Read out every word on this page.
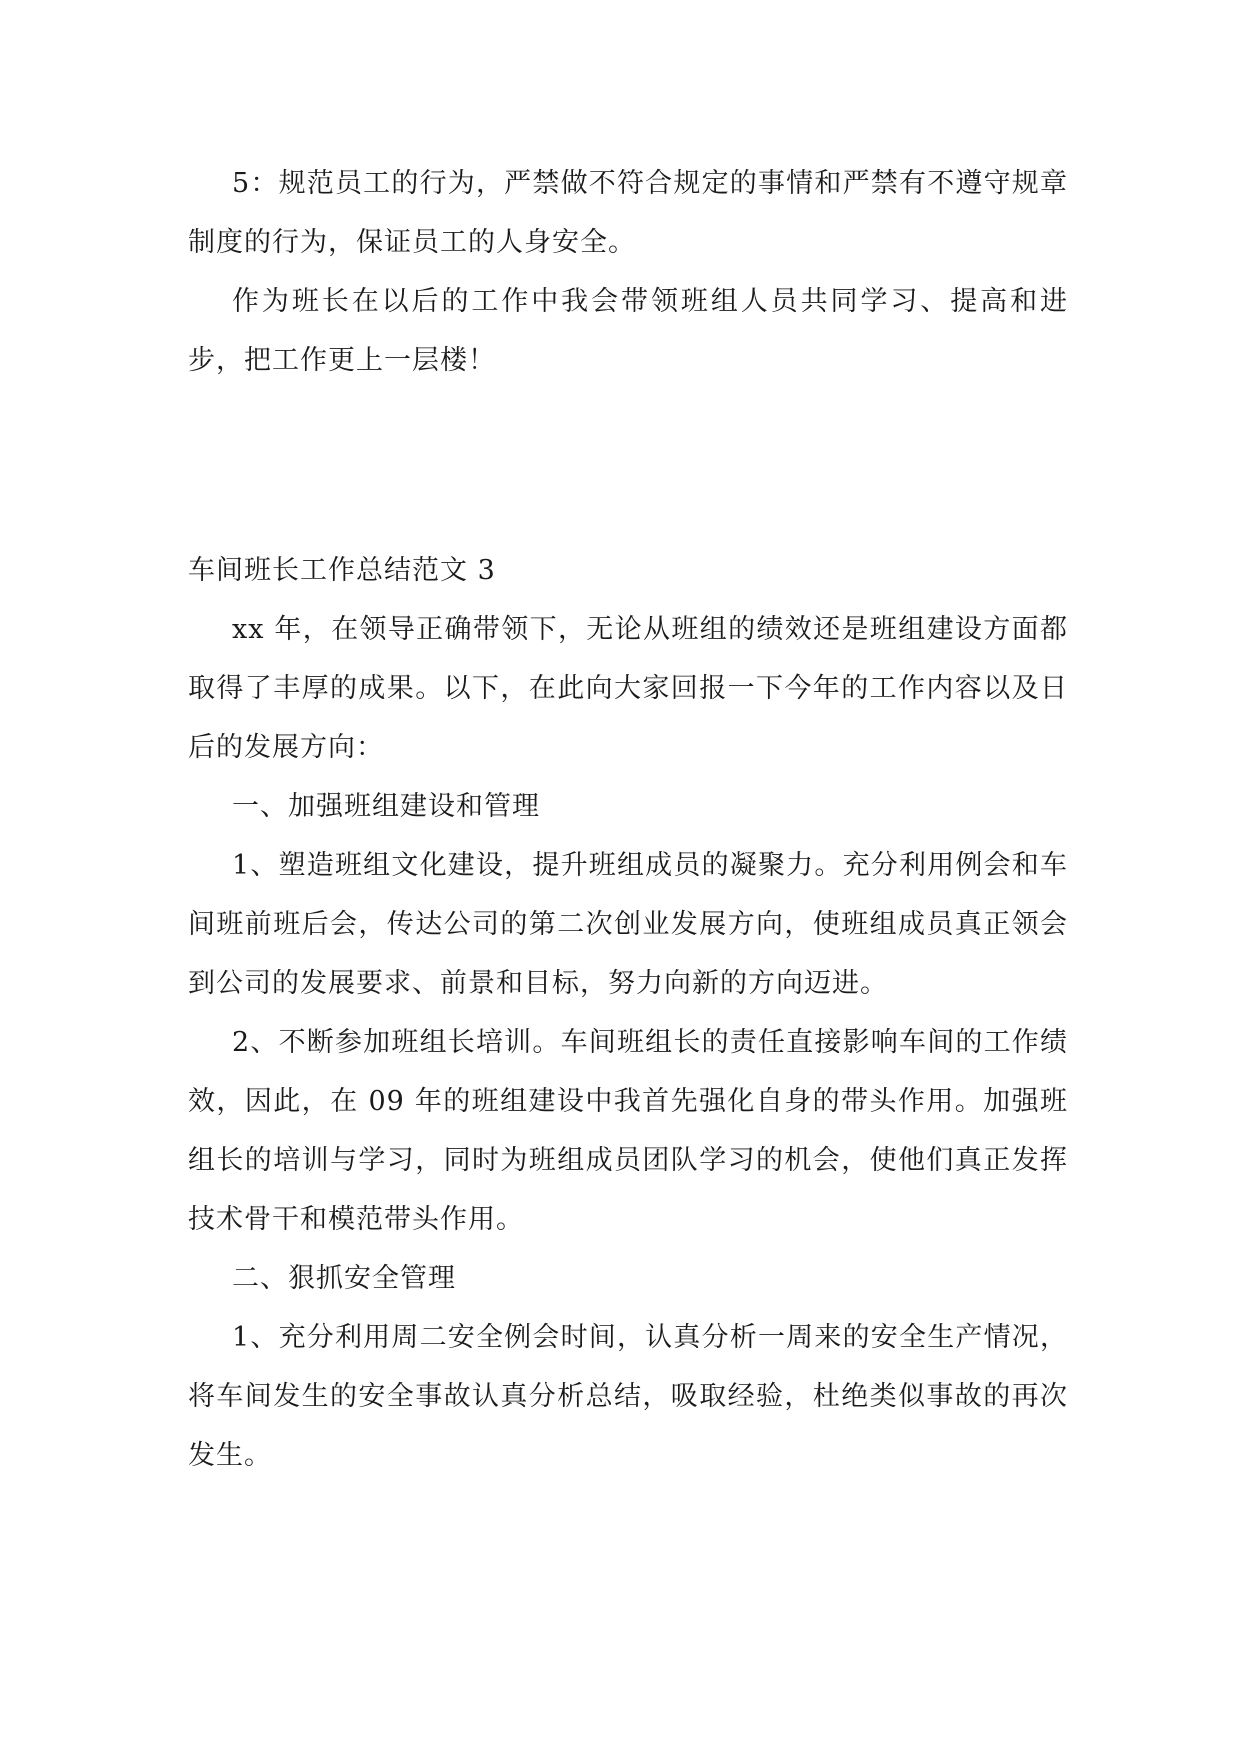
5：规范员工的行为，严禁做不符合规定的事情和严禁有不遵守规章制度的行为，保证员工的人身安全。

作为班长在以后的工作中我会带领班组人员共同学习、提高和进步，把工作更上一层楼！

车间班长工作总结范文 3

xx 年，在领导正确带领下，无论从班组的绩效还是班组建设方面都取得了丰厚的成果。以下，在此向大家回报一下今年的工作内容以及日后的发展方向：

一、加强班组建设和管理

1、塑造班组文化建设，提升班组成员的凝聚力。充分利用例会和车间班前班后会，传达公司的第二次创业发展方向，使班组成员真正领会到公司的发展要求、前景和目标，努力向新的方向迈进。

2、不断参加班组长培训。车间班组长的责任直接影响车间的工作绩效，因此，在 09 年的班组建设中我首先强化自身的带头作用。加强班组长的培训与学习，同时为班组成员团队学习的机会，使他们真正发挥技术骨干和模范带头作用。

二、狠抓安全管理

1、充分利用周二安全例会时间，认真分析一周来的安全生产情况，将车间发生的安全事故认真分析总结，吸取经验，杜绝类似事故的再次发生。
